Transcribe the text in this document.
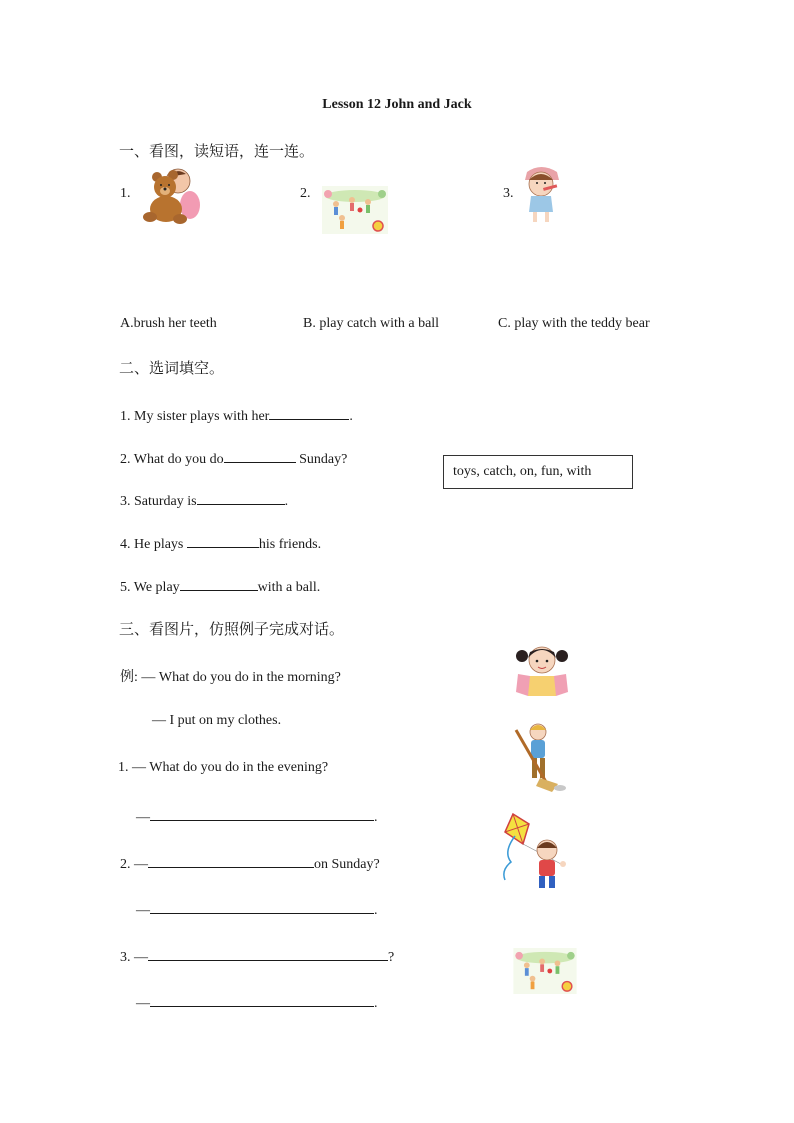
Lesson 12 John and Jack
一、看图，读短语，连一连。
1.	2.	3.
A.brush her teeth	B. play catch with a ball	C. play with the teddy bear
二、选词填空。
1. My sister plays with her	.
2. What do you do	Sunday?
toys, catch, on, fun, with
3. Saturday is	.
4. He plays	his friends.
5. We play	with a ball.
三、看图片，仿照例子完成对话。
例: — What do you do in the morning?
— I put on my clothes.
1. — What do you do in the evening?
—	.
2. —	on Sunday?
—	.
3. —	?
—	.
